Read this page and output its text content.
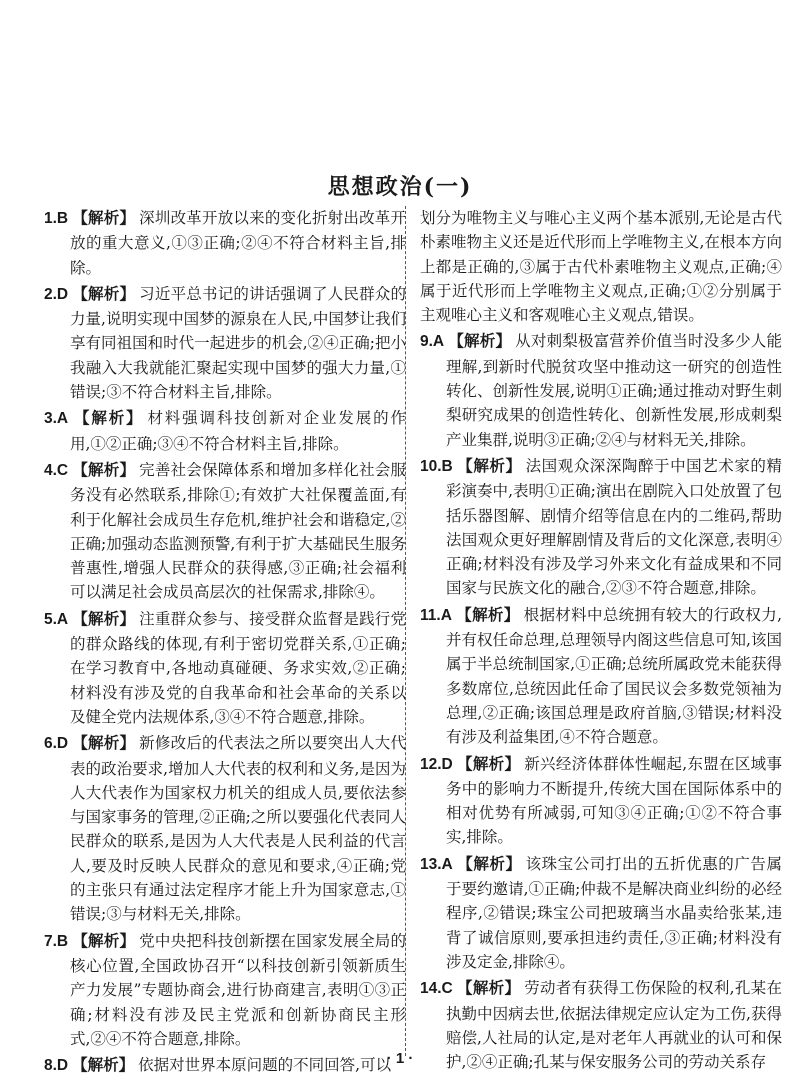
思想政治(一)

1.B 【解析】 深圳改革开放以来的变化折射出改革开放的重大意义,①③正确;②④不符合材料主旨,排除。

2.D 【解析】 习近平总书记的讲话强调了人民群众的力量,说明实现中国梦的源泉在人民,中国梦让我们享有同祖国和时代一起进步的机会,②④正确;把小我融入大我就能汇聚起实现中国梦的强大力量,①错误;③不符合材料主旨,排除。

3.A 【解析】 材料强调科技创新对企业发展的作用,①②正确;③④不符合材料主旨,排除。

4.C 【解析】 完善社会保障体系和增加多样化社会服务没有必然联系,排除①;有效扩大社保覆盖面,有利于化解社会成员生存危机,维护社会和谐稳定,②正确;加强动态监测预警,有利于扩大基础民生服务普惠性,增强人民群众的获得感,③正确;社会福利可以满足社会成员高层次的社保需求,排除④。

5.A 【解析】 注重群众参与、接受群众监督是践行党的群众路线的体现,有利于密切党群关系,①正确;在学习教育中,各地动真碰硬、务求实效,②正确;材料没有涉及党的自我革命和社会革命的关系以及健全党内法规体系,③④不符合题意,排除。

6.D 【解析】 新修改后的代表法之所以要突出人大代表的政治要求,增加人大代表的权利和义务,是因为人大代表作为国家权力机关的组成人员,要依法参与国家事务的管理,②正确;之所以要强化代表同人民群众的联系,是因为人大代表是人民利益的代言人,要及时反映人民群众的意见和要求,④正确;党的主张只有通过法定程序才能上升为国家意志,①错误;③与材料无关,排除。

7.B 【解析】 党中央把科技创新摆在国家发展全局的核心位置,全国政协召开“以科技创新引领新质生产力发展”专题协商会,进行协商建言,表明①③正确;材料没有涉及民主党派和创新协商民主形式,②④不符合题意,排除。

8.D 【解析】 依据对世界本原问题的不同回答,可以

划分为唯物主义与唯心主义两个基本派别,无论是古代朴素唯物主义还是近代形而上学唯物主义,在根本方向上都是正确的,③属于古代朴素唯物主义观点,正确;④属于近代形而上学唯物主义观点,正确;①②分别属于主观唯心主义和客观唯心主义观点,错误。

9.A 【解析】 从对刺梨极富营养价值当时没多少人能理解,到新时代脱贫攻坚中推动这一研究的创造性转化、创新性发展,说明①正确;通过推动对野生刺梨研究成果的创造性转化、创新性发展,形成刺梨产业集群,说明③正确;②④与材料无关,排除。

10.B 【解析】 法国观众深深陶醉于中国艺术家的精彩演奏中,表明①正确;演出在剧院入口处放置了包括乐器图解、剧情介绍等信息在内的二维码,帮助法国观众更好理解剧情及背后的文化深意,表明④正确;材料没有涉及学习外来文化有益成果和不同国家与民族文化的融合,②③不符合题意,排除。

11.A 【解析】 根据材料中总统拥有较大的行政权力,并有权任命总理,总理领导内阁这些信息可知,该国属于半总统制国家,①正确;总统所属政党未能获得多数席位,总统因此任命了国民议会多数党领袖为总理,②正确;该国总理是政府首脑,③错误;材料没有涉及利益集团,④不符合题意。

12.D 【解析】 新兴经济体群体性崛起,东盟在区域事务中的影响力不断提升,传统大国在国际体系中的相对优势有所减弱,可知③④正确;①②不符合事实,排除。

13.A 【解析】 该珠宝公司打出的五折优惠的广告属于要约邀请,①正确;仲裁不是解决商业纠纷的必经程序,②错误;珠宝公司把玻璃当水晶卖给张某,违背了诚信原则,要承担违约责任,③正确;材料没有涉及定金,排除④。

14.C 【解析】 劳动者有获得工伤保险的权利,孔某在执勤中因病去世,依据法律规定应认定为工伤,获得赔偿,人社局的认定,是对老年人再就业的认可和保护,②④正确;孔某与保安服务公司的劳动关系存

· 1 ·
